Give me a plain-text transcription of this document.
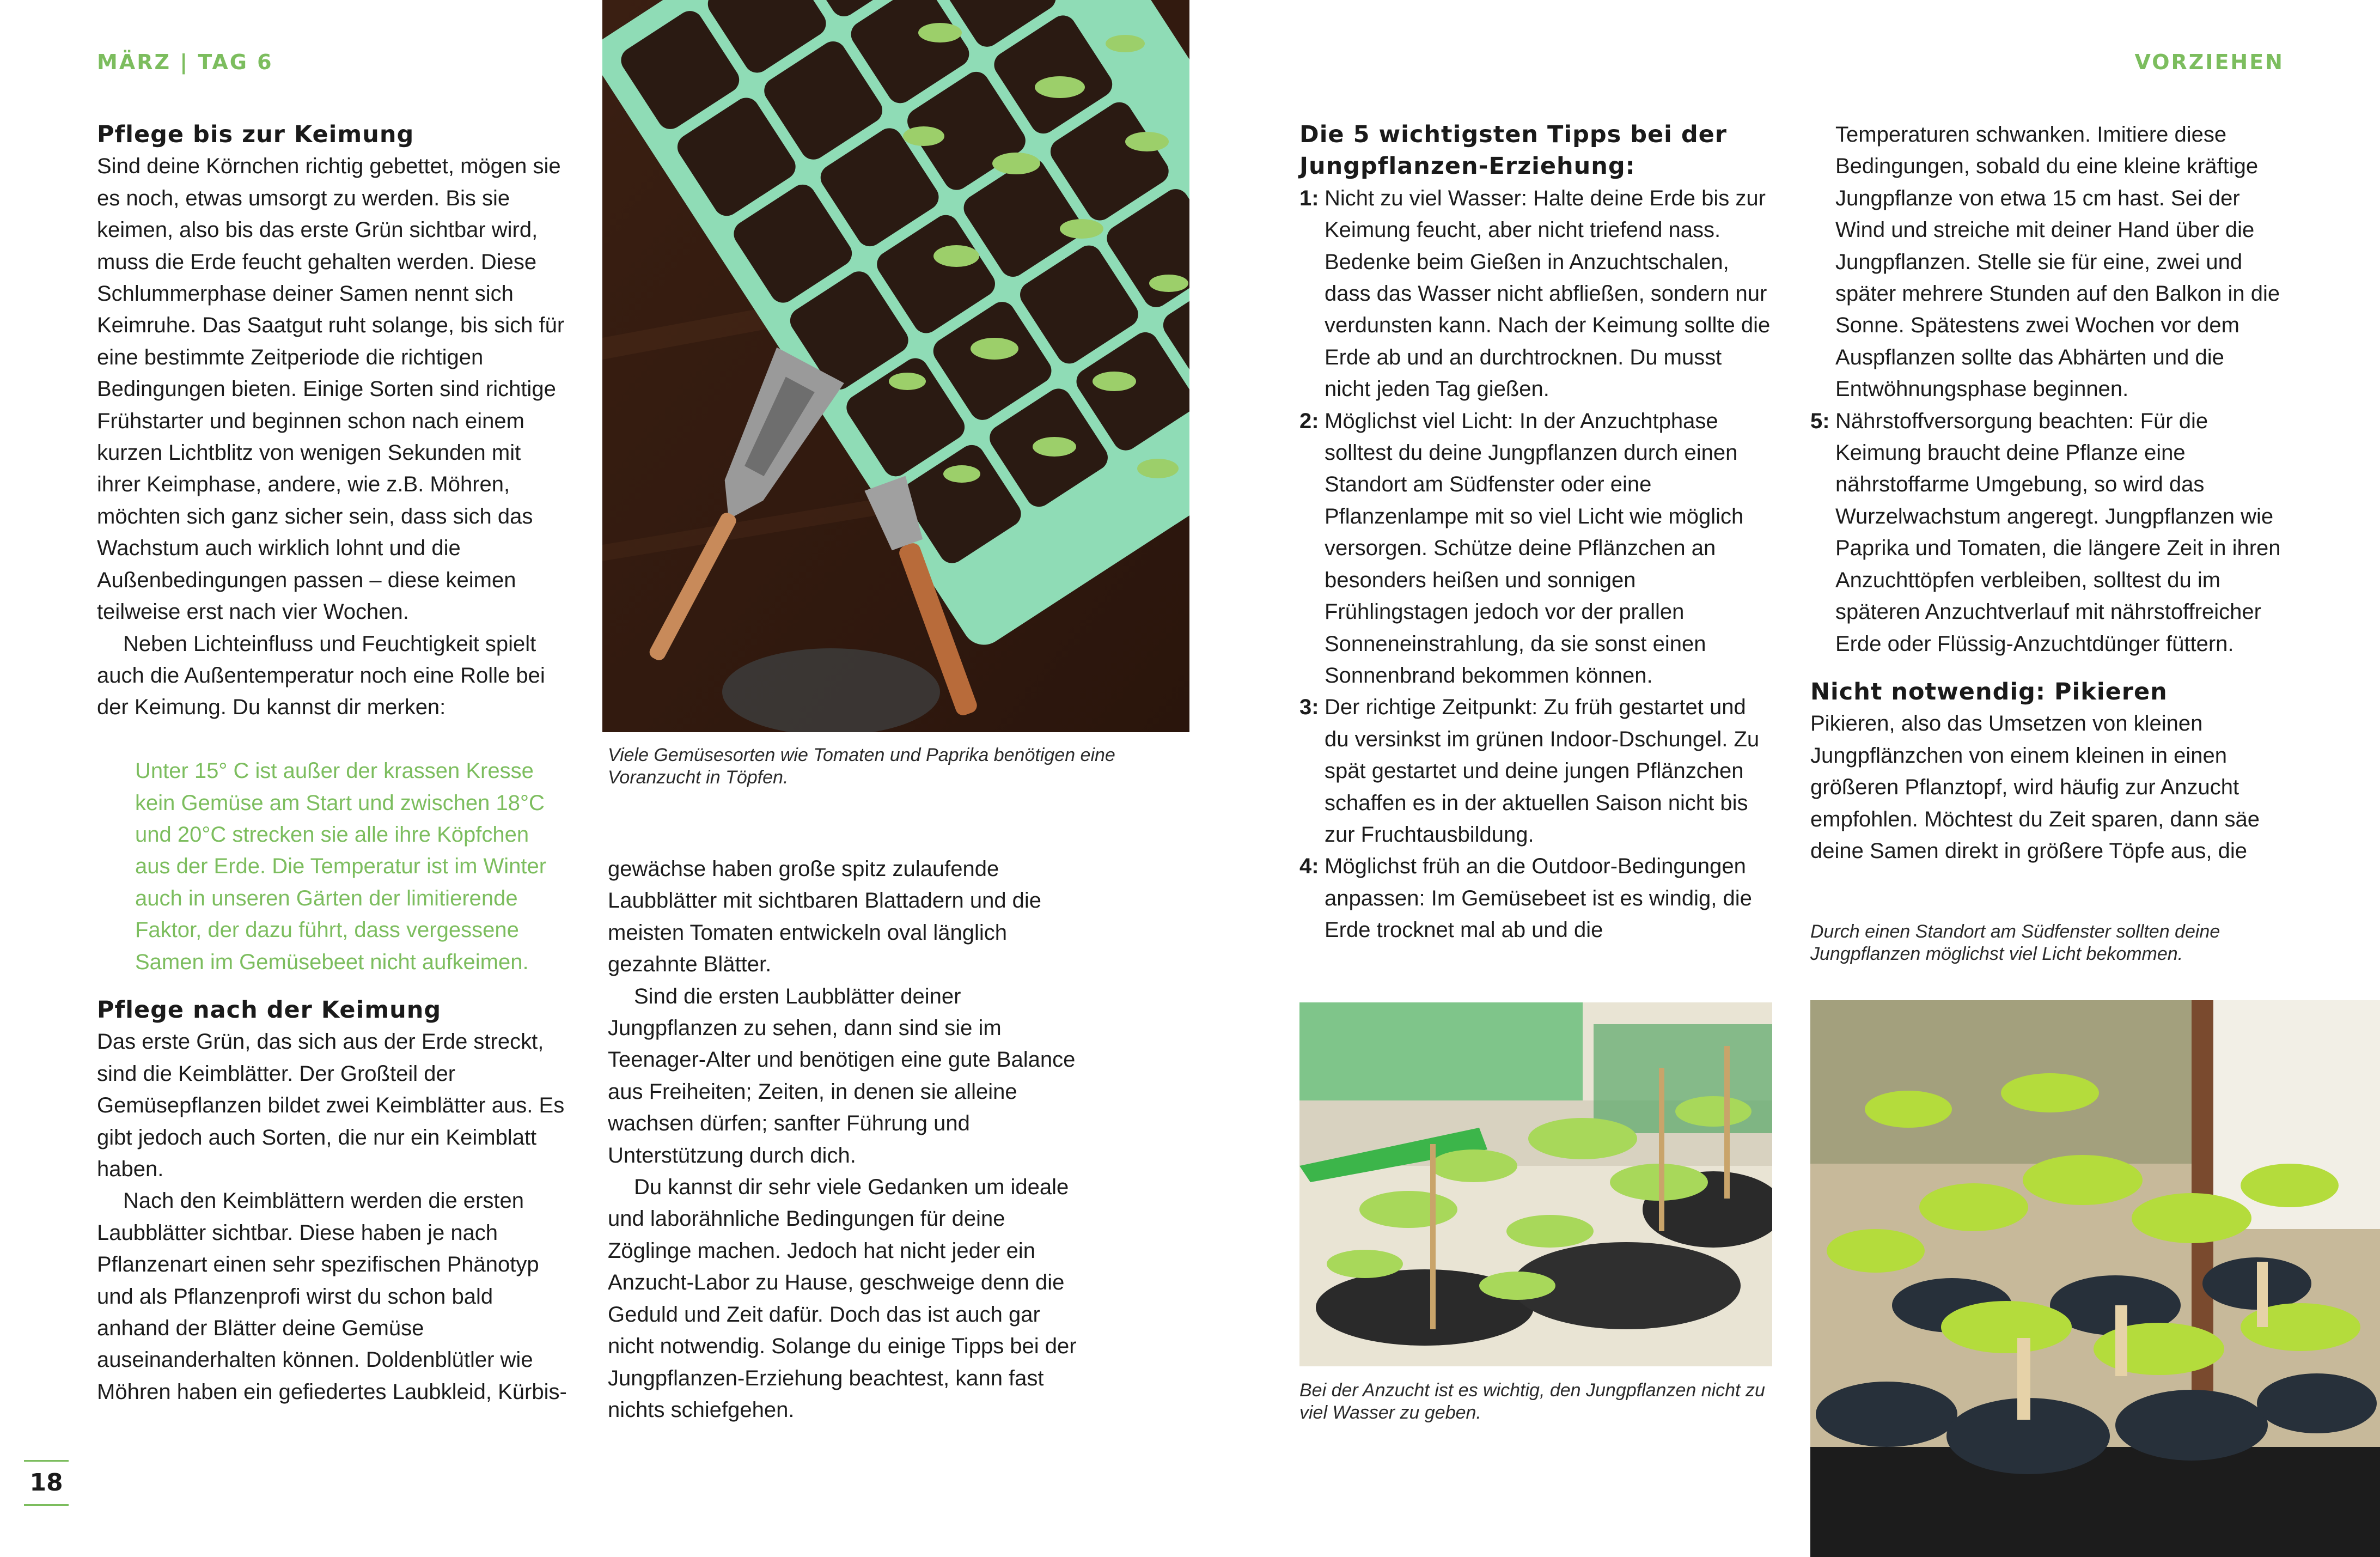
MÄRZ | TAG 6	VORZIEHEN
Pflege bis zur Keimung

Sind deine Körnchen richtig gebettet, mögen sie es noch, etwas umsorgt zu werden. Bis sie keimen, also bis das erste Grün sichtbar wird, muss die Erde feucht gehalten werden. Diese Schlummerphase deiner Samen nennt sich Keimruhe. Das Saatgut ruht solange, bis sich für eine bestimmte Zeitperiode die richtigen Bedingungen bieten. Einige Sorten sind richtige Frühstarter und beginnen schon nach einem kurzen Lichtblitz von wenigen Sekunden mit ihrer Keimphase, andere, wie z.B. Möhren, möchten sich ganz sicher sein, dass sich das Wachstum auch wirklich lohnt und die Außenbedingungen passen – diese keimen teilweise erst nach vier Wochen.

Neben Lichteinfluss und Feuchtigkeit spielt auch die Außentemperatur noch eine Rolle bei der Keimung. Du kannst dir merken:

Unter 15° C ist außer der krassen Kresse kein Gemüse am Start und zwischen 18°C und 20°C strecken sie alle ihre Köpfchen aus der Erde. Die Temperatur ist im Winter auch in unseren Gärten der limitierende Faktor, der dazu führt, dass vergessene Samen im Gemüsebeet nicht aufkeimen.

Pflege nach der Keimung

Das erste Grün, das sich aus der Erde streckt, sind die Keimblätter. Der Großteil der Gemüsepflanzen bildet zwei Keimblätter aus. Es gibt jedoch auch Sorten, die nur ein Keimblatt haben.

Nach den Keimblättern werden die ersten Laubblätter sichtbar. Diese haben je nach Pflanzenart einen sehr spezifischen Phänotyp und als Pflanzenprofi wirst du schon bald anhand der Blätter deine Gemüse auseinanderhalten können. Doldenblütler wie Möhren haben ein gefiedertes Laubkleid, Kürbis-

Viele Gemüsesorten wie Tomaten und Paprika benötigen eine Voranzucht in Töpfen.

gewächse haben große spitz zulaufende Laubblätter mit sichtbaren Blattadern und die meisten Tomaten entwickeln oval länglich gezahnte Blätter.

Sind die ersten Laubblätter deiner Jungpflanzen zu sehen, dann sind sie im Teenager-Alter und benötigen eine gute Balance aus Freiheiten; Zeiten, in denen sie alleine wachsen dürfen; sanfter Führung und Unterstützung durch dich.

Du kannst dir sehr viele Gedanken um ideale und laborähnliche Bedingungen für deine Zöglinge machen. Jedoch hat nicht jeder ein Anzucht-Labor zu Hause, geschweige denn die Geduld und Zeit dafür. Doch das ist auch gar nicht notwendig. Solange du einige Tipps bei der Jungpflanzen-Erziehung beachtest, kann fast nichts schiefgehen.

Die 5 wichtigsten Tipps bei der Jungpflanzen-Erziehung:
1: Nicht zu viel Wasser: Halte deine Erde bis zur Keimung feucht, aber nicht triefend nass. Bedenke beim Gießen in Anzuchtschalen, dass das Wasser nicht abfließen, sondern nur verdunsten kann. Nach der Keimung sollte die Erde ab und an durchtrocknen. Du musst nicht jeden Tag gießen.
2: Möglichst viel Licht: In der Anzuchtphase solltest du deine Jungpflanzen durch einen Standort am Südfenster oder eine Pflanzenlampe mit so viel Licht wie möglich versorgen. Schütze deine Pflänzchen an besonders heißen und sonnigen Frühlingstagen jedoch vor der prallen Sonneneinstrahlung, da sie sonst einen Sonnenbrand bekommen können.
3: Der richtige Zeitpunkt: Zu früh gestartet und du versinkst im grünen Indoor-Dschungel. Zu spät gestartet und deine jungen Pflänzchen schaffen es in der aktuellen Saison nicht bis zur Fruchtausbildung.
4: Möglichst früh an die Outdoor-Bedingungen anpassen: Im Gemüsebeet ist es windig, die Erde trocknet mal ab und die
Bei der Anzucht ist es wichtig, den Jungpflanzen nicht zu viel Wasser zu geben.

Temperaturen schwanken. Imitiere diese Bedingungen, sobald du eine kleine kräftige Jungpflanze von etwa 15 cm hast. Sei der Wind und streiche mit deiner Hand über die Jungpflanzen. Stelle sie für eine, zwei und später mehrere Stunden auf den Balkon in die Sonne. Spätestens zwei Wochen vor dem Auspflanzen sollte das Abhärten und die Entwöhnungsphase beginnen.

5: Nährstoffversorgung beachten: Für die Keimung braucht deine Pflanze eine nährstoffarme Umgebung, so wird das Wurzelwachstum angeregt. Jungpflanzen wie Paprika und Tomaten, die längere Zeit in ihren Anzuchttöpfen verbleiben, solltest du im späteren Anzuchtverlauf mit nährstoffreicher Erde oder Flüssig-Anzuchtdünger füttern.
Nicht notwendig: Pikieren

Pikieren, also das Umsetzen von kleinen Jungpflänzchen von einem kleinen in einen größeren Pflanztopf, wird häufig zur Anzucht empfohlen. Möchtest du Zeit sparen, dann säe deine Samen direkt in größere Töpfe aus, die

Durch einen Standort am Südfenster sollten deine Jungpflanzen möglichst viel Licht bekommen.
18
